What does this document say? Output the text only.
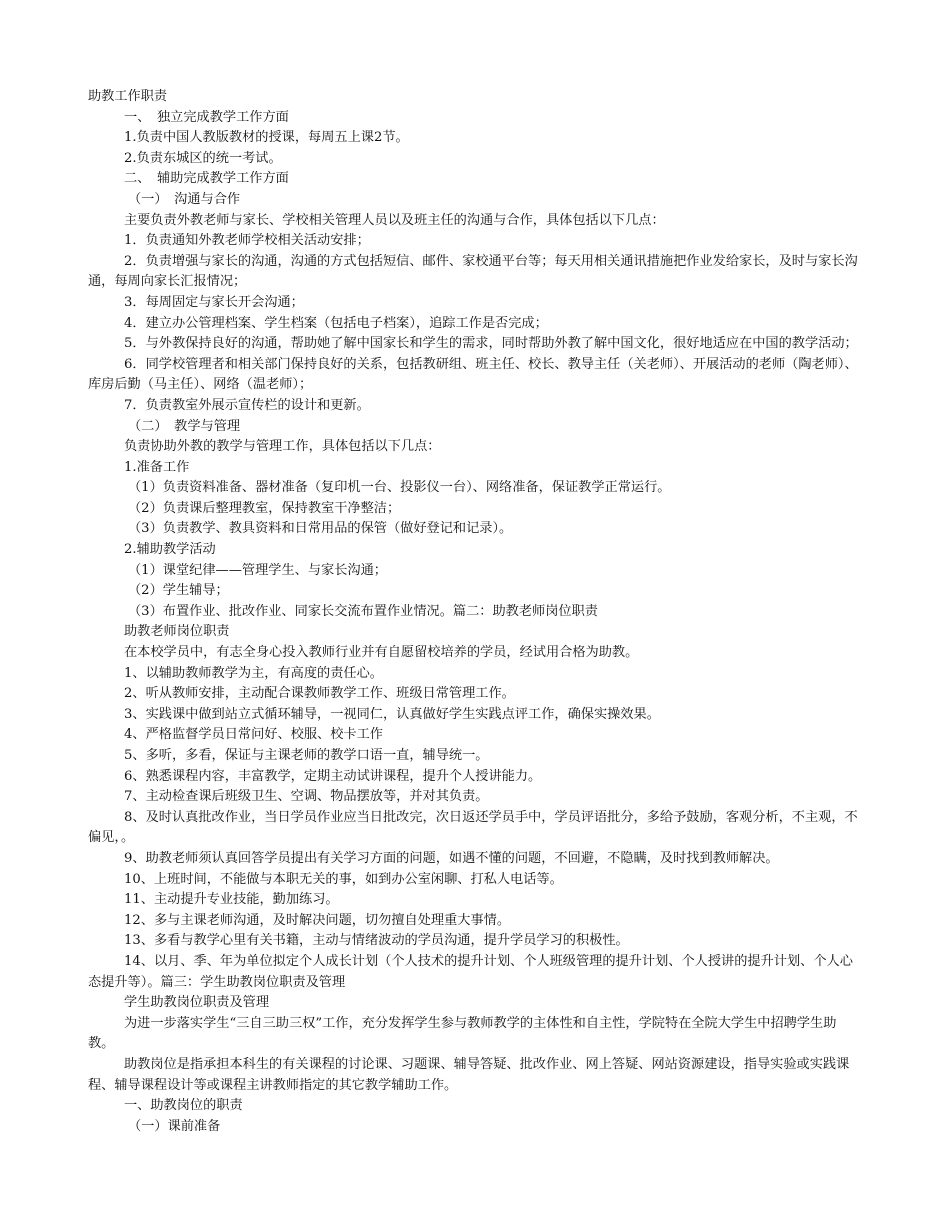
助教工作职责

一、　独立完成教学工作方面

1.负责中国人教版教材的授课，每周五上课2节。

2.负责东城区的统一考试。

二、　辅助完成教学工作方面

（一）　沟通与合作

主要负责外教老师与家长、学校相关管理人员以及班主任的沟通与合作，具体包括以下几点：

1．负责通知外教老师学校相关活动安排；

2．负责增强与家长的沟通，沟通的方式包括短信、邮件、家校通平台等；每天用相关通讯措施把作业发给家长，及时与家长沟通，每周向家长汇报情况；

3．每周固定与家长开会沟通；

4．建立办公管理档案、学生档案（包括电子档案），追踪工作是否完成；

5．与外教保持良好的沟通，帮助她了解中国家长和学生的需求，同时帮助外教了解中国文化，很好地适应在中国的教学活动；

6．同学校管理者和相关部门保持良好的关系，包括教研组、班主任、校长、教导主任（关老师）、开展活动的老师（陶老师）、库房后勤（马主任）、网络（温老师）；

7．负责教室外展示宣传栏的设计和更新。

（二）　教学与管理

负责协助外教的教学与管理工作，具体包括以下几点：

1.准备工作

（1）负责资料准备、器材准备（复印机一台、投影仪一台）、网络准备，保证教学正常运行。

（2）负责课后整理教室，保持教室干净整洁；

（3）负责教学、教具资料和日常用品的保管（做好登记和记录）。

2.辅助教学活动

（1）课堂纪律——管理学生、与家长沟通；

（2）学生辅导；

（3）布置作业、批改作业、同家长交流布置作业情况。篇二：助教老师岗位职责

助教老师岗位职责

在本校学员中，有志全身心投入教师行业并有自愿留校培养的学员，经试用合格为助教。

1、以辅助教师教学为主，有高度的责任心。

2、听从教师安排，主动配合课教师教学工作、班级日常管理工作。

3、实践课中做到站立式循环辅导，一视同仁，认真做好学生实践点评工作，确保实操效果。

4、严格监督学员日常问好、校服、校卡工作

5、多听，多看，保证与主课老师的教学口语一直，辅导统一。

6、熟悉课程内容，丰富教学，定期主动试讲课程，提升个人授讲能力。

7、主动检查课后班级卫生、空调、物品摆放等，并对其负责。

8、及时认真批改作业，当日学员作业应当日批改完，次日返还学员手中，学员评语批分，多给予鼓励，客观分析，不主观，不偏见，。

9、助教老师须认真回答学员提出有关学习方面的问题，如遇不懂的问题，不回避，不隐瞒，及时找到教师解决。

10、上班时间，不能做与本职无关的事，如到办公室闲聊、打私人电话等。

11、主动提升专业技能，勤加练习。

12、多与主课老师沟通，及时解决问题，切勿擅自处理重大事情。

13、多看与教学心里有关书籍，主动与情绪波动的学员沟通，提升学员学习的积极性。

14、以月、季、年为单位拟定个人成长计划（个人技术的提升计划、个人班级管理的提升计划、个人授讲的提升计划、个人心态提升等）。篇三：学生助教岗位职责及管理

学生助教岗位职责及管理

为进一步落实学生“三自三助三权”工作，充分发挥学生参与教师教学的主体性和自主性，学院特在全院大学生中招聘学生助教。

助教岗位是指承担本科生的有关课程的讨论课、习题课、辅导答疑、批改作业、网上答疑、网站资源建设，指导实验或实践课程、辅导课程设计等或课程主讲教师指定的其它教学辅助工作。

一、助教岗位的职责

（一）课前准备
